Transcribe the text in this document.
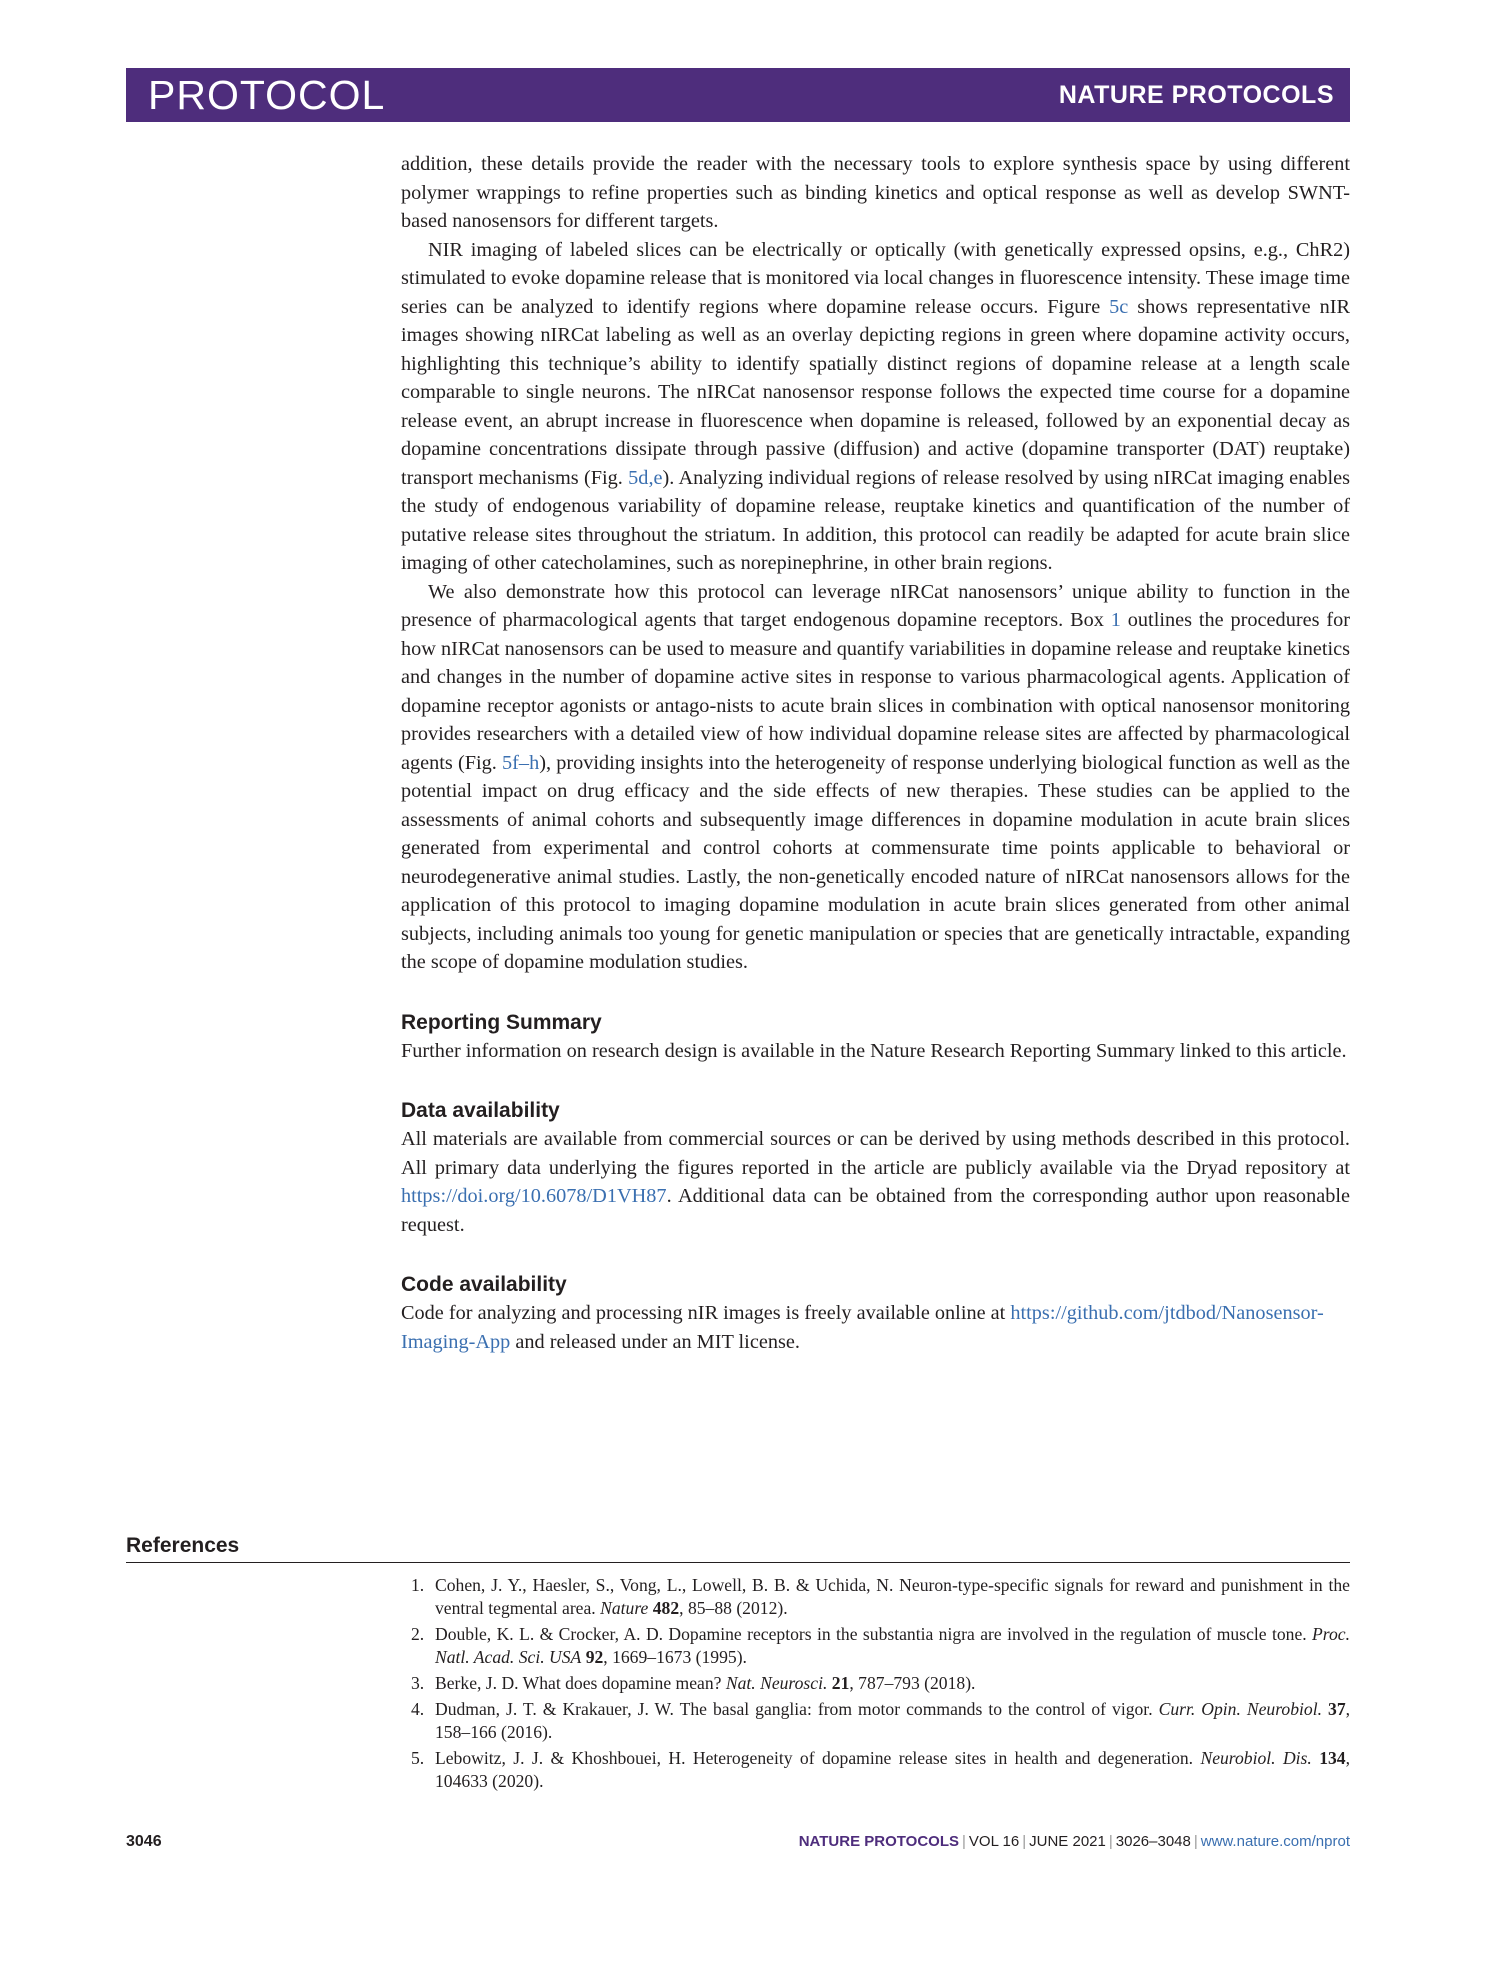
PROTOCOL	NATURE PROTOCOLS

addition, these details provide the reader with the necessary tools to explore synthesis space by using different polymer wrappings to refine properties such as binding kinetics and optical response as well as develop SWNT-based nanosensors for different targets.

NIR imaging of labeled slices can be electrically or optically (with genetically expressed opsins, e.g., ChR2) stimulated to evoke dopamine release that is monitored via local changes in fluorescence intensity. These image time series can be analyzed to identify regions where dopamine release occurs. Figure 5c shows representative nIR images showing nIRCat labeling as well as an overlay depicting regions in green where dopamine activity occurs, highlighting this technique’s ability to identify spatially distinct regions of dopamine release at a length scale comparable to single neurons. The nIRCat nanosensor response follows the expected time course for a dopamine release event, an abrupt increase in fluorescence when dopamine is released, followed by an exponential decay as dopamine concentrations dissipate through passive (diffusion) and active (dopamine transporter (DAT) reuptake) transport mechanisms (Fig. 5d,e). Analyzing individual regions of release resolved by using nIRCat imaging enables the study of endogenous variability of dopamine release, reuptake kinetics and quantification of the number of putative release sites throughout the striatum. In addition, this protocol can readily be adapted for acute brain slice imaging of other catecholamines, such as norepinephrine, in other brain regions.

We also demonstrate how this protocol can leverage nIRCat nanosensors’ unique ability to function in the presence of pharmacological agents that target endogenous dopamine receptors. Box 1 outlines the procedures for how nIRCat nanosensors can be used to measure and quantify variabilities in dopamine release and reuptake kinetics and changes in the number of dopamine active sites in response to various pharmacological agents. Application of dopamine receptor agonists or antago-nists to acute brain slices in combination with optical nanosensor monitoring provides researchers with a detailed view of how individual dopamine release sites are affected by pharmacological agents (Fig. 5f–h), providing insights into the heterogeneity of response underlying biological function as well as the potential impact on drug efficacy and the side effects of new therapies. These studies can be applied to the assessments of animal cohorts and subsequently image differences in dopamine modulation in acute brain slices generated from experimental and control cohorts at commensurate time points applicable to behavioral or neurodegenerative animal studies. Lastly, the non-genetically encoded nature of nIRCat nanosensors allows for the application of this protocol to imaging dopamine modulation in acute brain slices generated from other animal subjects, including animals too young for genetic manipulation or species that are genetically intractable, expanding the scope of dopamine modulation studies.

Reporting Summary

Further information on research design is available in the Nature Research Reporting Summary linked to this article.

Data availability

All materials are available from commercial sources or can be derived by using methods described in this protocol. All primary data underlying the figures reported in the article are publicly available via the Dryad repository at https://doi.org/10.6078/D1VH87. Additional data can be obtained from the corresponding author upon reasonable request.

Code availability

Code for analyzing and processing nIR images is freely available online at https://github.com/jtdbod/Nanosensor-Imaging-App and released under an MIT license.

References
1. Cohen, J. Y., Haesler, S., Vong, L., Lowell, B. B. & Uchida, N. Neuron-type-specific signals for reward and punishment in the ventral tegmental area. Nature 482, 85–88 (2012).
2. Double, K. L. & Crocker, A. D. Dopamine receptors in the substantia nigra are involved in the regulation of muscle tone. Proc. Natl. Acad. Sci. USA 92, 1669–1673 (1995).
3. Berke, J. D. What does dopamine mean? Nat. Neurosci. 21, 787–793 (2018).
4. Dudman, J. T. & Krakauer, J. W. The basal ganglia: from motor commands to the control of vigor. Curr. Opin. Neurobiol. 37, 158–166 (2016).
5. Lebowitz, J. J. & Khoshbouei, H. Heterogeneity of dopamine release sites in health and degeneration. Neurobiol. Dis. 134, 104633 (2020).
3046	NATURE PROTOCOLS | VOL 16 | JUNE 2021 | 3026–3048 | www.nature.com/nprot
